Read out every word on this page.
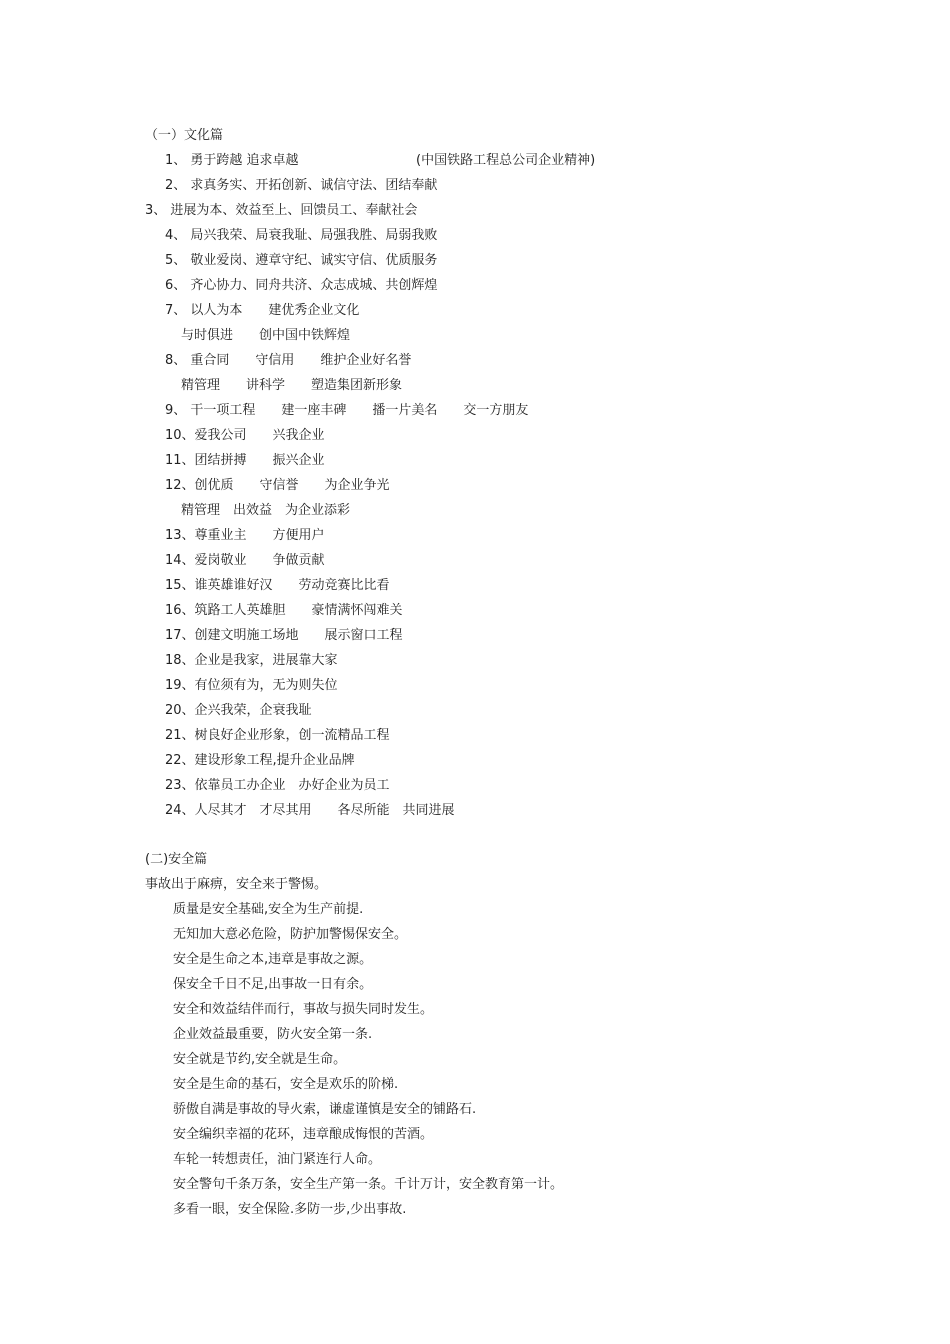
（一）文化篇
1、 勇于跨越 追求卓越	(中国铁路工程总公司企业精神)
2、 求真务实、开拓创新、诚信守法、团结奉献
3、 进展为本、效益至上、回馈员工、奉献社会
4、 局兴我荣、局衰我耻、局强我胜、局弱我败
5、 敬业爱岗、遵章守纪、诚实守信、优质服务
6、 齐心协力、同舟共济、众志成城、共创辉煌
7、 以人为本　　建优秀企业文化
与时俱进　　创中国中铁辉煌
8、 重合同　　守信用　　维护企业好名誉
精管理　　讲科学　　塑造集团新形象
9、 干一项工程　　建一座丰碑　　播一片美名　　交一方朋友
10、爱我公司　　兴我企业
11、团结拼搏　　振兴企业
12、创优质　　守信誉　　为企业争光
精管理　出效益　为企业添彩
13、尊重业主　　方便用户
14、爱岗敬业　　争做贡献
15、谁英雄谁好汉　　劳动竞赛比比看
16、筑路工人英雄胆　　豪情满怀闯难关
17、创建文明施工场地　　展示窗口工程
18、企业是我家，进展靠大家
19、有位须有为，无为则失位
20、企兴我荣，企衰我耻
21、树良好企业形象，创一流精品工程
22、建设形象工程,提升企业品牌
23、依靠员工办企业　办好企业为员工
24、人尽其才　才尽其用　　各尽所能　共同进展
(二)安全篇
事故出于麻痹，安全来于警惕。
质量是安全基础,安全为生产前提.
无知加大意必危险，防护加警惕保安全。
安全是生命之本,违章是事故之源。
保安全千日不足,出事故一日有余。
安全和效益结伴而行，事故与损失同时发生。
企业效益最重要，防火安全第一条.
安全就是节约,安全就是生命。
安全是生命的基石，安全是欢乐的阶梯.
骄傲自满是事故的导火索，谦虚谨慎是安全的铺路石.
安全编织幸福的花环，违章酿成悔恨的苦酒。
车轮一转想责任，油门紧连行人命。
安全警句千条万条，安全生产第一条。千计万计，安全教育第一计。
多看一眼，安全保险.多防一步,少出事故.
